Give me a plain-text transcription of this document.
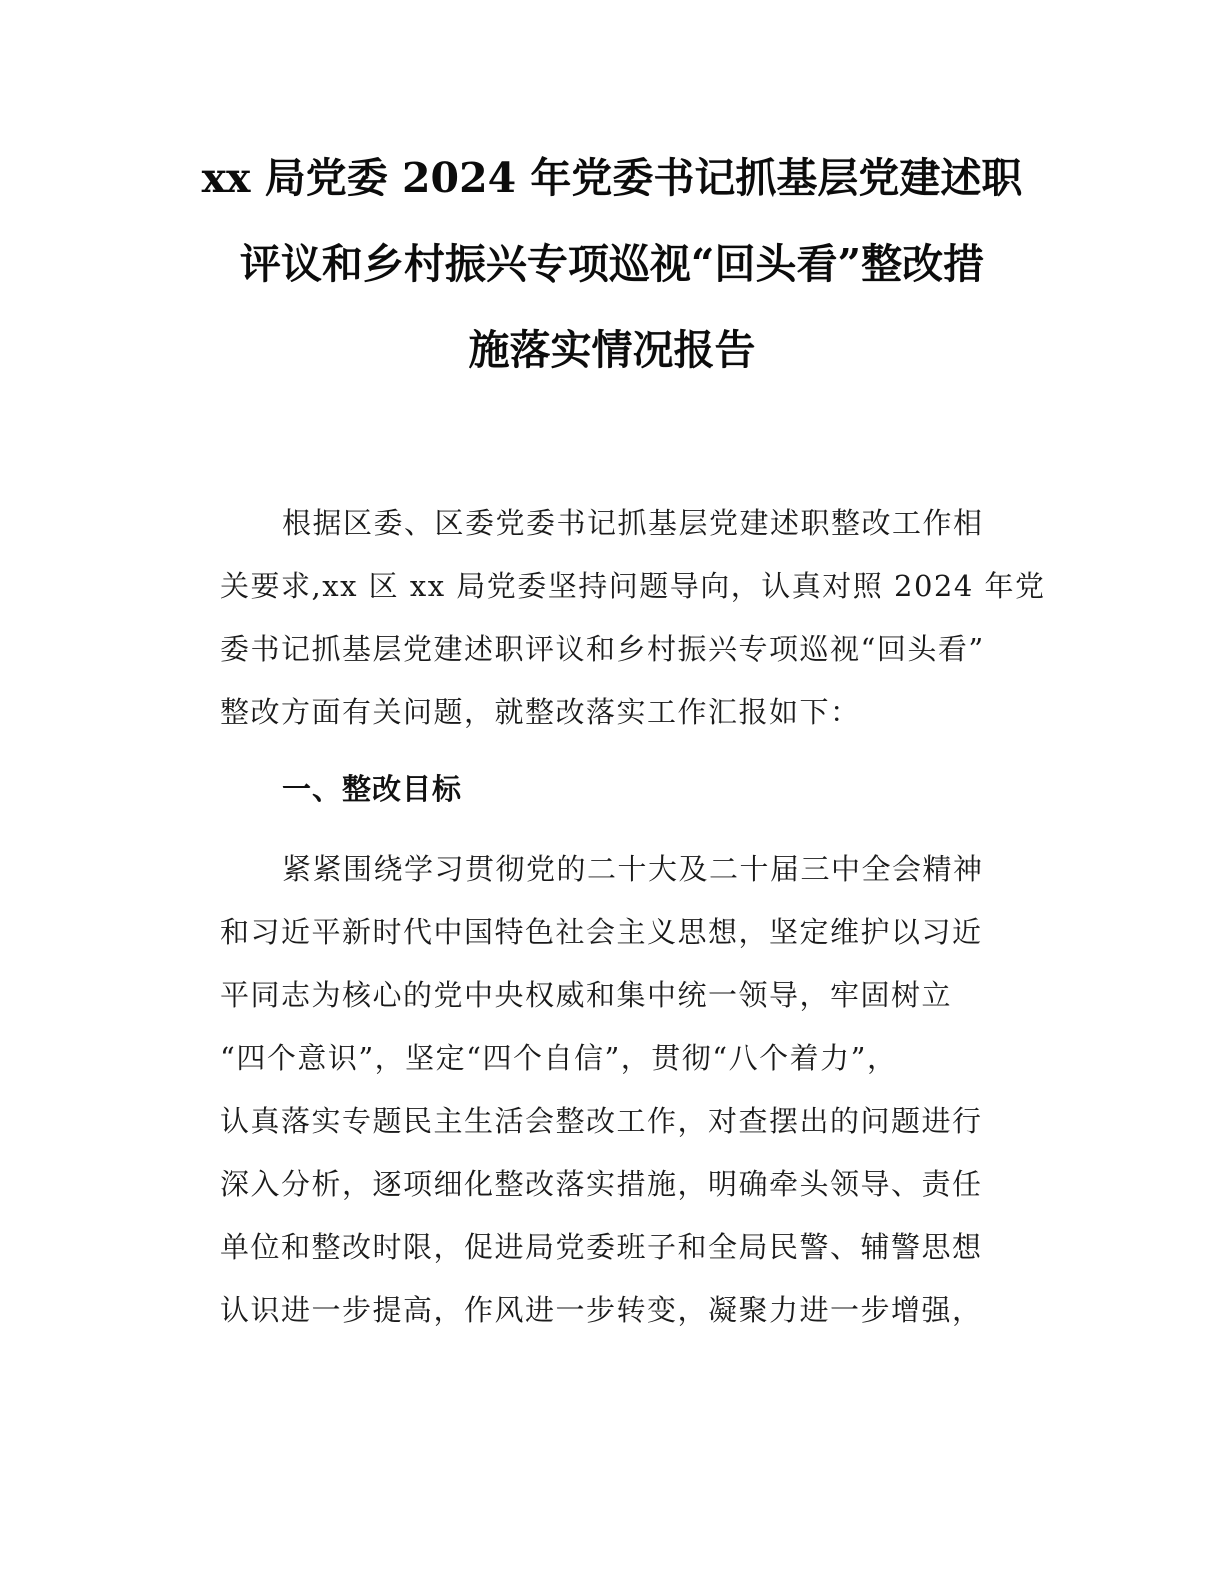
xx 局党委 2024 年党委书记抓基层党建述职
评议和乡村振兴专项巡视“回头看”整改措
施落实情况报告
根据区委、区委党委书记抓基层党建述职整改工作相
关要求,xx 区 xx 局党委坚持问题导向，认真对照 2024 年党
委书记抓基层党建述职评议和乡村振兴专项巡视“回头看”
整改方面有关问题，就整改落实工作汇报如下：
一、整改目标
紧紧围绕学习贯彻党的二十大及二十届三中全会精神
和习近平新时代中国特色社会主义思想，坚定维护以习近
平同志为核心的党中央权威和集中统一领导，牢固树立
“四个意识”，坚定“四个自信”，贯彻“八个着力”，
认真落实专题民主生活会整改工作，对查摆出的问题进行
深入分析，逐项细化整改落实措施，明确牵头领导、责任
单位和整改时限，促进局党委班子和全局民警、辅警思想
认识进一步提高，作风进一步转变，凝聚力进一步增强，
